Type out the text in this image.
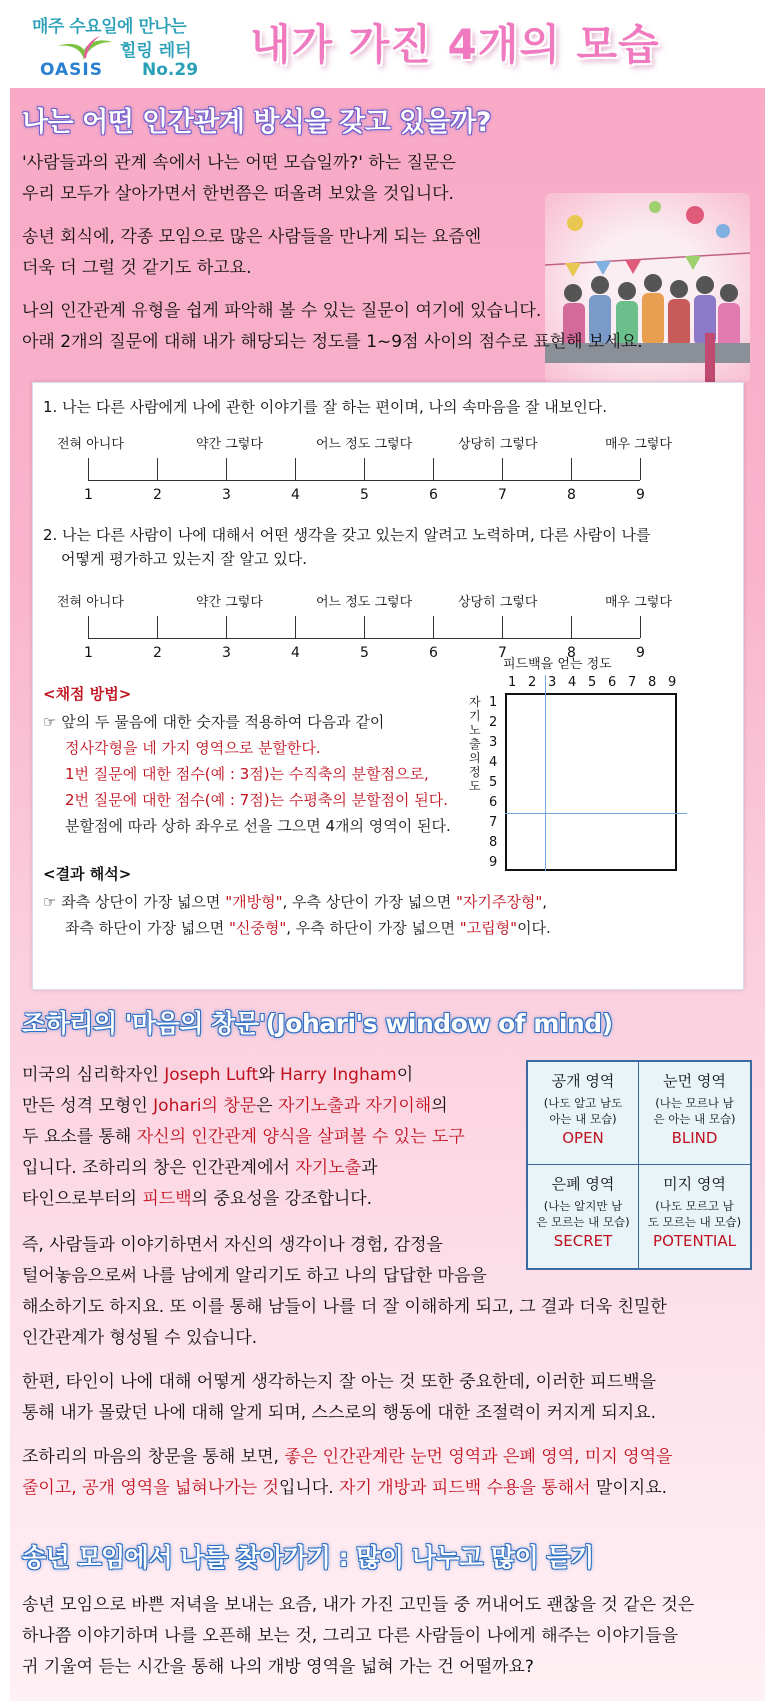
매주 수요일에 만나는
OASIS
힐링 레터
No.29
내가 가진 4개의 모습
나는 어떤 인간관계 방식을 갖고 있을까?
'사람들과의 관계 속에서 나는 어떤 모습일까?' 하는 질문은
우리 모두가 살아가면서 한번쯤은 떠올려 보았을 것입니다.
송년 회식에, 각종 모임으로 많은 사람들을 만나게 되는 요즘엔
더욱 더 그럴 것 같기도 하고요.
나의 인간관계 유형을 쉽게 파악해 볼 수 있는 질문이 여기에 있습니다.
아래 2개의 질문에 대해 내가 해당되는 정도를 1~9점 사이의 점수로 표현해 보세요.
1. 나는 다른 사람에게 나에 관한 이야기를 잘 하는 편이며, 나의 속마음을 잘 내보인다.
전혀 아니다	약간 그렇다	어느 정도 그렇다	상당히 그렇다	매우 그렇다
1	2	3	4	5	6	7	8	9
2. 나는 다른 사람이 나에 대해서 어떤 생각을 갖고 있는지 알려고 노력하며, 다른 사람이 나를
어떻게 평가하고 있는지 잘 알고 있다.
전혀 아니다	약간 그렇다	어느 정도 그렇다	상당히 그렇다	매우 그렇다
1	2	3	4	5	6	7	8	9
<채점 방법>
☞ 앞의 두 물음에 대한 숫자를 적용하여 다음과 같이
정사각형을 네 가지 영역으로 분할한다.
1번 질문에 대한 점수(예 : 3점)는 수직축의 분할점으로,
2번 질문에 대한 점수(예 : 7점)는 수평축의 분할점이 된다.
분할점에 따라 상하 좌우로 선을 그으면 4개의 영역이 된다.
피드백을 얻는 정도
1 2 3 4 5 6 7 8 9
1
2
3
4
5
6
7
8
9
자기 노출의 정도
<결과 해석>
☞ 좌측 상단이 가장 넓으면 "개방형", 우측 상단이 가장 넓으면 "자기주장형",
좌측 하단이 가장 넓으면 "신중형", 우측 하단이 가장 넓으면 "고립형"이다.
조하리의 '마음의 창문'(Johari's window of mind)
미국의 심리학자인 Joseph Luft와 Harry Ingham이
만든 성격 모형인 Johari의 창문은 자기노출과 자기이해의
두 요소를 통해 자신의 인간관계 양식을 살펴볼 수 있는 도구
입니다. 조하리의 창은 인간관계에서 자기노출과
타인으로부터의 피드백의 중요성을 강조합니다.
공개 영역
(나도 알고 남도
아는 내 모습)
OPEN
눈먼 영역
(나는 모르나 남
은 아는 내 모습)
BLIND
은폐 영역
(나는 알지만 남
은 모르는 내 모습)
SECRET
미지 영역
(나도 모르고 남
도 모르는 내 모습)
POTENTIAL
즉, 사람들과 이야기하면서 자신의 생각이나 경험, 감정을
털어놓음으로써 나를 남에게 알리기도 하고 나의 답답한 마음을
해소하기도 하지요. 또 이를 통해 남들이 나를 더 잘 이해하게 되고, 그 결과 더욱 친밀한
인간관계가 형성될 수 있습니다.
한편, 타인이 나에 대해 어떻게 생각하는지 잘 아는 것 또한 중요한데, 이러한 피드백을
통해 내가 몰랐던 나에 대해 알게 되며, 스스로의 행동에 대한 조절력이 커지게 되지요.
조하리의 마음의 창문을 통해 보면, 좋은 인간관계란 눈먼 영역과 은폐 영역, 미지 영역을
줄이고, 공개 영역을 넓혀나가는 것입니다. 자기 개방과 피드백 수용을 통해서 말이지요.
송년 모임에서 나를 찾아가기 : 많이 나누고 많이 듣기
송년 모임으로 바쁜 저녁을 보내는 요즘, 내가 가진 고민들 중 꺼내어도 괜찮을 것 같은 것은
하나쯤 이야기하며 나를 오픈해 보는 것, 그리고 다른 사람들이 나에게 해주는 이야기들을
귀 기울여 듣는 시간을 통해 나의 개방 영역을 넓혀 가는 건 어떨까요?
